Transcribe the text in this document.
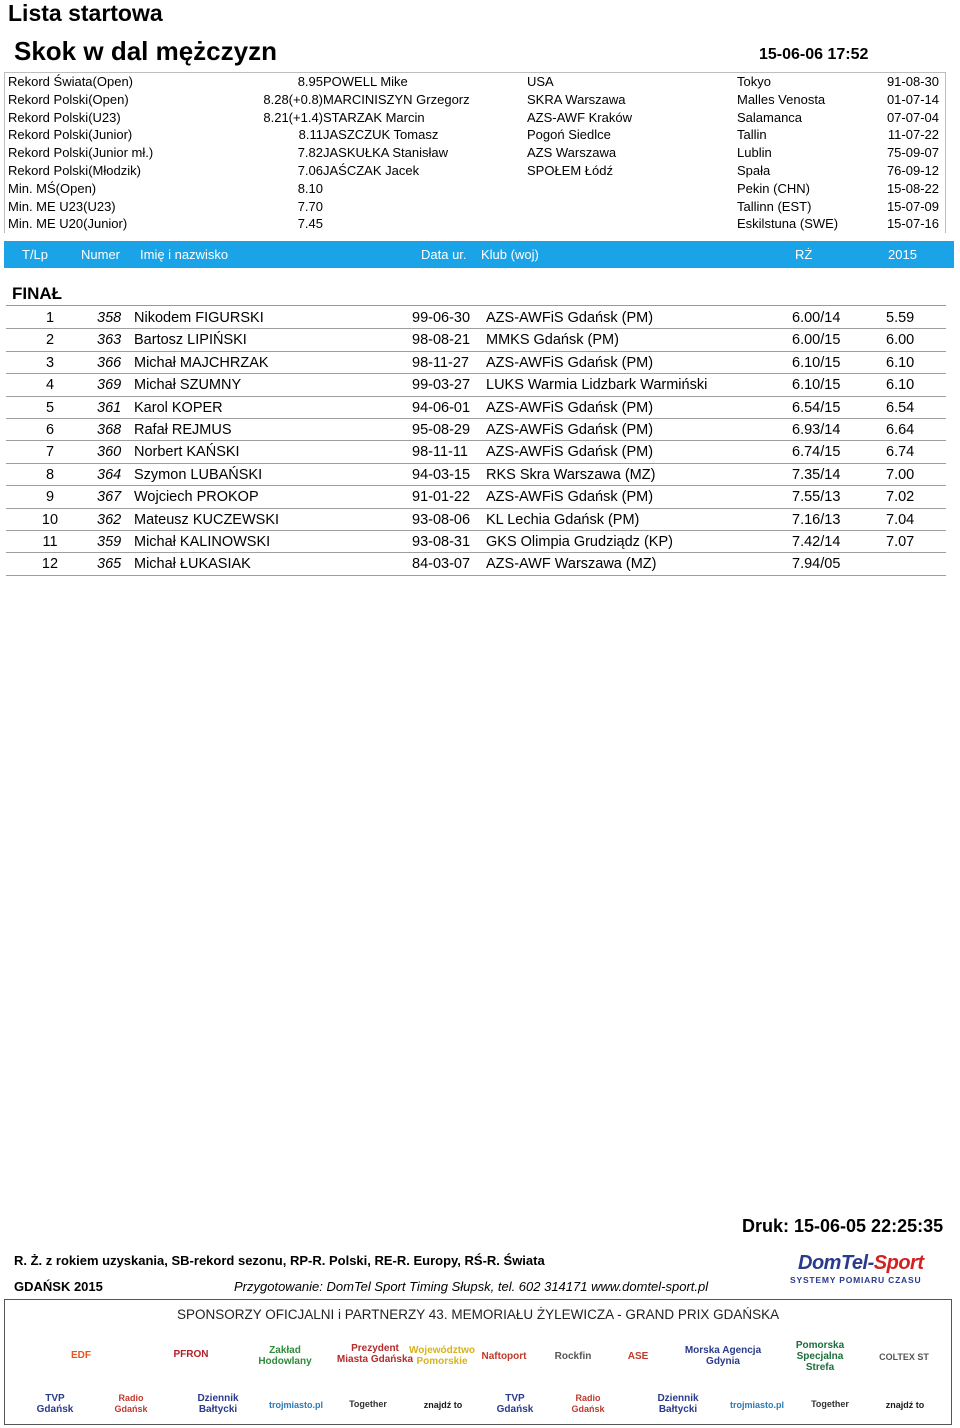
Lista startowa
Skok w dal mężczyzn	15-06-06 17:52
Rekord Świata(Open)	8.95 POWELL Mike	USA	Tokyo	91-08-30
Rekord Polski(Open)	8.28(+0.8) MARCINISZYN Grzegorz	SKRA Warszawa	Malles Venosta	01-07-14
Rekord Polski(U23)	8.21(+1.4) STARZAK Marcin	AZS-AWF Kraków	Salamanca	07-07-04
Rekord Polski(Junior)	8.11 JASZCZUK Tomasz	Pogoń Siedlce	Tallin	11-07-22
Rekord Polski(Junior mł.)	7.82 JASKUŁKA Stanisław	AZS Warszawa	Lublin	75-09-07
Rekord Polski(Młodzik)	7.06 JAŚCZAK Jacek	SPOŁEM Łódź	Spała	76-09-12
Min. MŚ(Open)	8.10	Pekin (CHN)	15-08-22
Min. ME U23(U23)	7.70	Tallinn (EST)	15-07-09
Min. ME U20(Junior)	7.45	Eskilstuna (SWE)	15-07-16
T/Lp	Numer Imię i nazwisko	Data ur. Klub (woj)	RŻ	2015
FINAŁ
1	358 Nikodem FIGURSKI	99-06-30 AZS-AWFiS Gdańsk (PM)	6.00/14	5.59
2	363 Bartosz LIPIŃSKI	98-08-21 MMKS Gdańsk (PM)	6.00/15	6.00
3	366 Michał MAJCHRZAK	98-11-27 AZS-AWFiS Gdańsk (PM)	6.10/15	6.10
4	369 Michał SZUMNY	99-03-27 LUKS Warmia Lidzbark Warmiński	6.10/15	6.10
5	361 Karol KOPER	94-06-01 AZS-AWFiS Gdańsk (PM)	6.54/15	6.54
6	368 Rafał REJMUS	95-08-29 AZS-AWFiS Gdańsk (PM)	6.93/14	6.64
7	360 Norbert KAŃSKI	98-11-11 AZS-AWFiS Gdańsk (PM)	6.74/15	6.74
8	364 Szymon LUBAŃSKI	94-03-15 RKS Skra Warszawa (MZ)	7.35/14	7.00
9	367 Wojciech PROKOP	91-01-22 AZS-AWFiS Gdańsk (PM)	7.55/13	7.02
10	362 Mateusz KUCZEWSKI	93-08-06 KL Lechia Gdańsk (PM)	7.16/13	7.04
11	359 Michał KALINOWSKI	93-08-31 GKS Olimpia Grudziądz (KP)	7.42/14	7.07
12	365 Michał ŁUKASIAK	84-03-07 AZS-AWF Warszawa (MZ)	7.94/05
Druk: 15-06-05 22:25:35
R. Ż. z rokiem uzyskania, SB-rekord sezonu, RP-R. Polski, RE-R. Europy, RŚ-R. Świata
GDAŃSK 2015	Przygotowanie: DomTel Sport Timing Słupsk, tel. 602 314171 www.domtel-sport.pl
DomTel-Sport
SYSTEMY POMIARU CZASU
SPONSORZY OFICJALNI i PARTNERZY 43. MEMORIAŁU ŻYLEWICZA - GRAND PRIX GDAŃSKA
EDF	PFRON	Zakład Hodowlany
Prezydent Miasta Gdańska
Województwo Pomorskie	Naftoport	Rockfin	ASE	Morska Agencja Gdynia
Pomorska Specjalna Strefa
COLTEX ST
TVP Gdańsk
Radio Gdańsk
Dziennik Bałtycki	trojmiasto.pl	Together	znajdź to
TVP Gdańsk
Radio Gdańsk
Dziennik Bałtycki	trojmiasto.pl	Together	znajdź to
